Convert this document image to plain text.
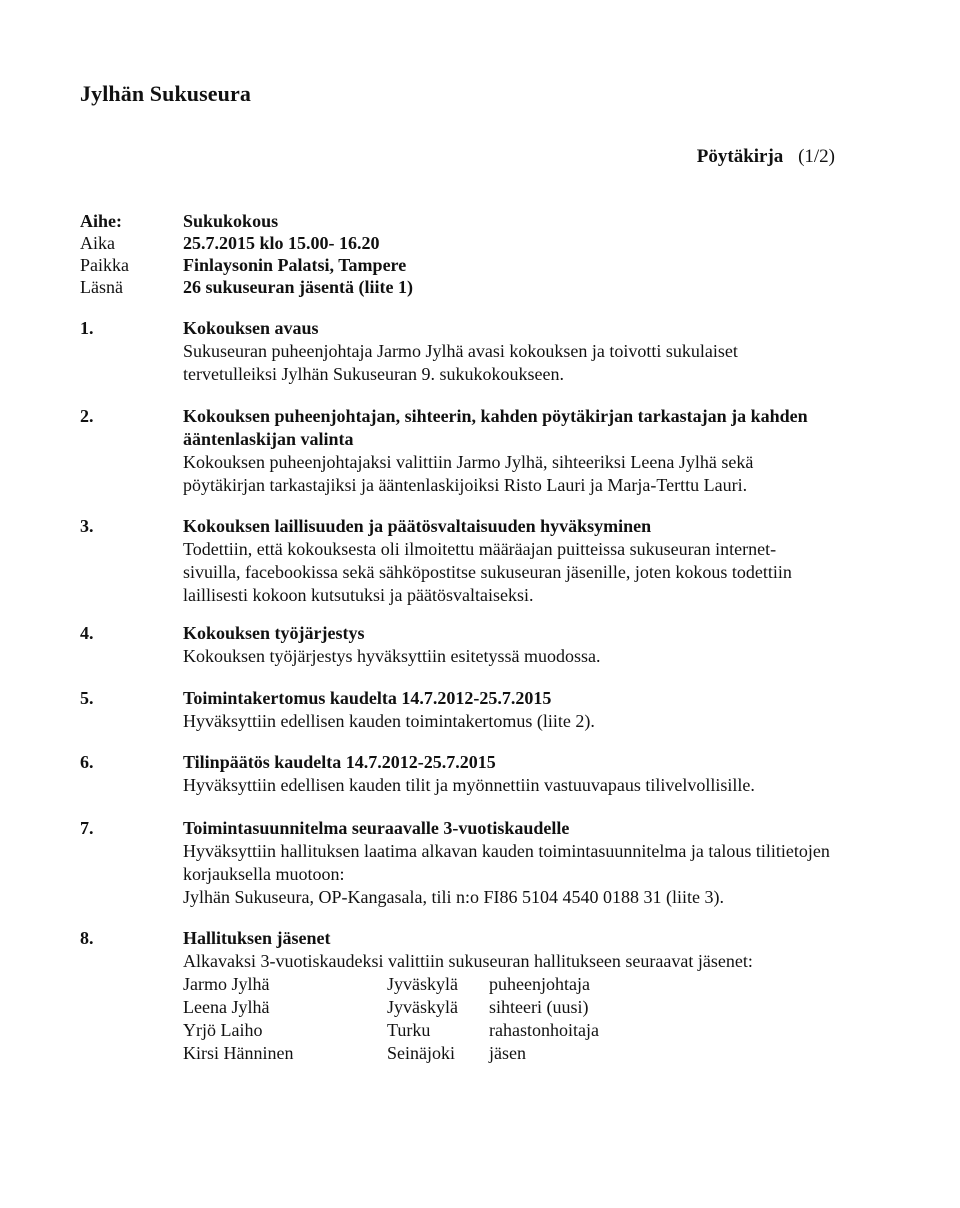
Jylhän Sukuseura
Pöytäkirja (1/2)
Aihe:	Sukukokous
Aika	25.7.2015 klo 15.00- 16.20
Paikka	Finlaysonin Palatsi, Tampere
Läsnä	26 sukuseuran jäsentä (liite 1)
1.	Kokouksen avaus
Sukuseuran puheenjohtaja Jarmo Jylhä avasi kokouksen ja toivotti sukulaiset
tervetulleiksi Jylhän Sukuseuran 9. sukukokoukseen.
2.	Kokouksen puheenjohtajan, sihteerin, kahden pöytäkirjan tarkastajan ja kahden
ääntenlaskijan valinta
Kokouksen puheenjohtajaksi valittiin Jarmo Jylhä, sihteeriksi Leena Jylhä sekä
pöytäkirjan tarkastajiksi ja ääntenlaskijoiksi Risto Lauri ja Marja-Terttu Lauri.
3.	Kokouksen laillisuuden ja päätösvaltaisuuden hyväksyminen
Todettiin, että kokouksesta oli ilmoitettu määräajan puitteissa sukuseuran internet-
sivuilla, facebookissa sekä sähköpostitse sukuseuran jäsenille, joten kokous todettiin
laillisesti kokoon kutsutuksi ja päätösvaltaiseksi.
4.	Kokouksen työjärjestys
Kokouksen työjärjestys hyväksyttiin esitetyssä muodossa.
5.	Toimintakertomus kaudelta 14.7.2012-25.7.2015
Hyväksyttiin edellisen kauden toimintakertomus (liite 2).
6.	Tilinpäätös kaudelta 14.7.2012-25.7.2015
Hyväksyttiin edellisen kauden tilit ja myönnettiin vastuuvapaus tilivelvollisille.
7.	Toimintasuunnitelma seuraavalle 3-vuotiskaudelle
Hyväksyttiin hallituksen laatima alkavan kauden toimintasuunnitelma ja talous tilitietojen
korjauksella muotoon:
Jylhän Sukuseura, OP-Kangasala, tili n:o FI86 5104 4540 0188 31 (liite 3).
8.	Hallituksen jäsenet
Alkavaksi 3-vuotiskaudeksi valittiin sukuseuran hallitukseen seuraavat jäsenet:
Jarmo Jylhä	Jyväskylä	puheenjohtaja
Leena Jylhä	Jyväskylä	sihteeri (uusi)
Yrjö Laiho	Turku	rahastonhoitaja
Kirsi Hänninen	Seinäjoki	jäsen
